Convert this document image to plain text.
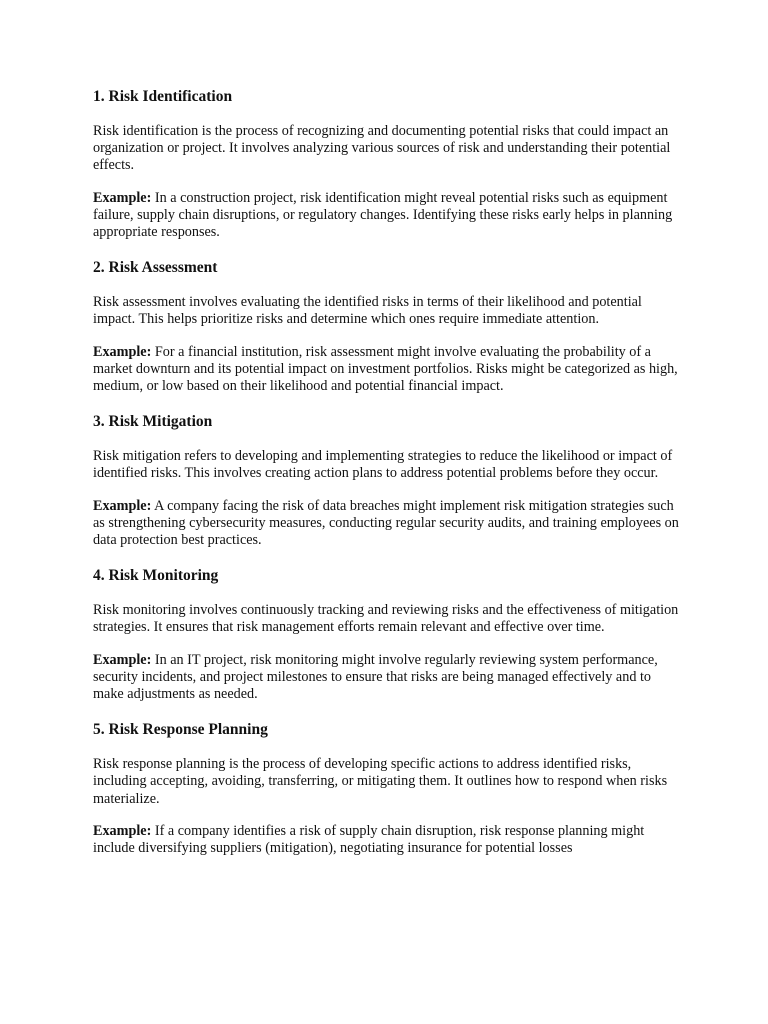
1. Risk Identification

Risk identification is the process of recognizing and documenting potential risks that could impact an organization or project. It involves analyzing various sources of risk and understanding their potential effects.

Example: In a construction project, risk identification might reveal potential risks such as equipment failure, supply chain disruptions, or regulatory changes. Identifying these risks early helps in planning appropriate responses.

2. Risk Assessment

Risk assessment involves evaluating the identified risks in terms of their likelihood and potential impact. This helps prioritize risks and determine which ones require immediate attention.

Example: For a financial institution, risk assessment might involve evaluating the probability of a market downturn and its potential impact on investment portfolios. Risks might be categorized as high, medium, or low based on their likelihood and potential financial impact.

3. Risk Mitigation

Risk mitigation refers to developing and implementing strategies to reduce the likelihood or impact of identified risks. This involves creating action plans to address potential problems before they occur.

Example: A company facing the risk of data breaches might implement risk mitigation strategies such as strengthening cybersecurity measures, conducting regular security audits, and training employees on data protection best practices.

4. Risk Monitoring

Risk monitoring involves continuously tracking and reviewing risks and the effectiveness of mitigation strategies. It ensures that risk management efforts remain relevant and effective over time.

Example: In an IT project, risk monitoring might involve regularly reviewing system performance, security incidents, and project milestones to ensure that risks are being managed effectively and to make adjustments as needed.

5. Risk Response Planning

Risk response planning is the process of developing specific actions to address identified risks, including accepting, avoiding, transferring, or mitigating them. It outlines how to respond when risks materialize.

Example: If a company identifies a risk of supply chain disruption, risk response planning might include diversifying suppliers (mitigation), negotiating insurance for potential losses
